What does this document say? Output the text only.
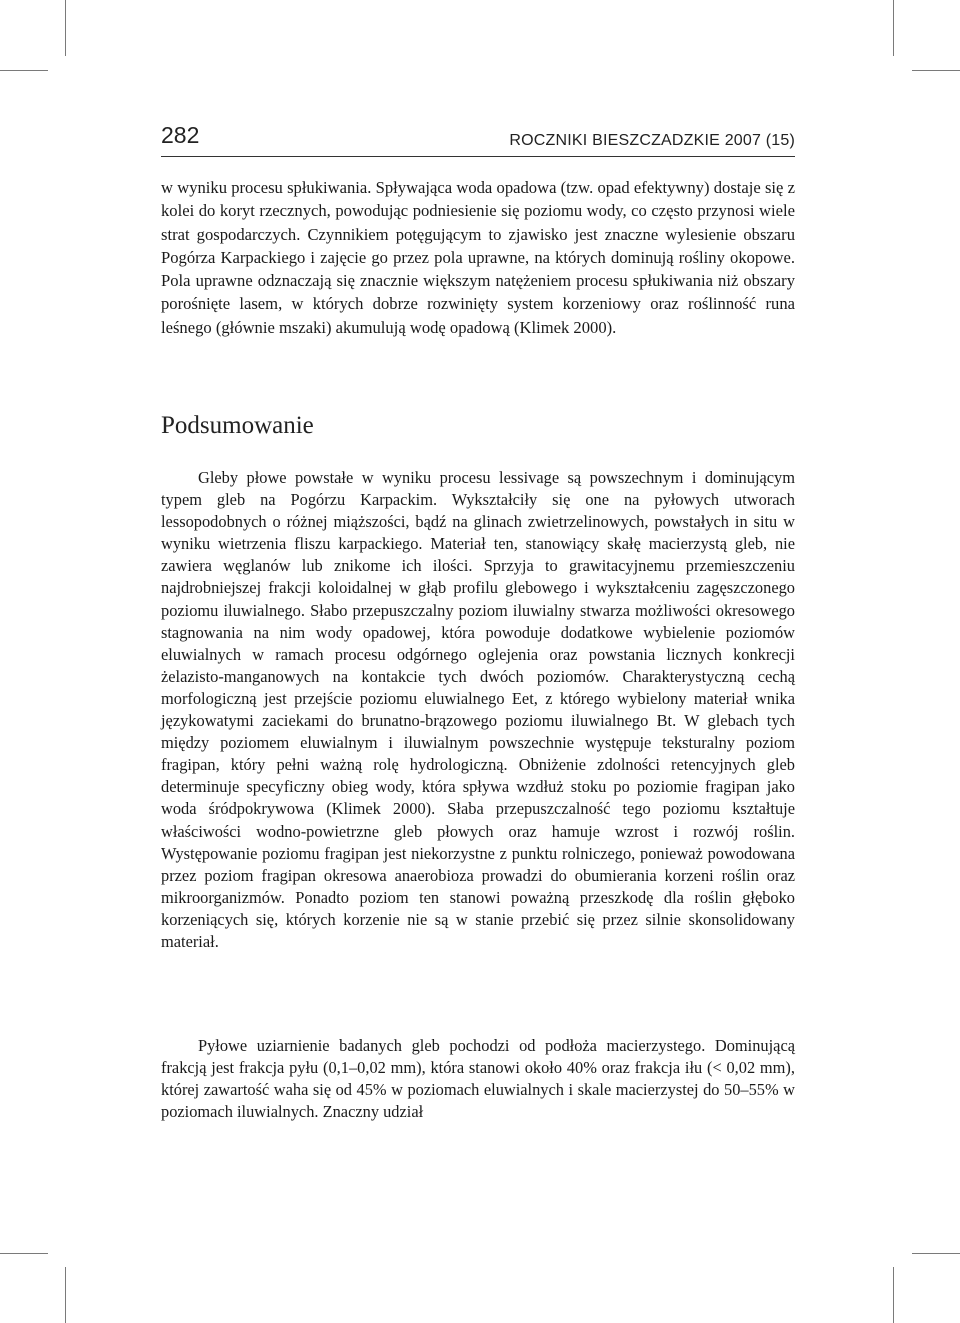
282	ROCZNIKI BIESZCZADZKIE 2007 (15)

w wyniku procesu spłukiwania. Spływająca woda opadowa (tzw. opad efektywny) dostaje się z kolei do koryt rzecznych, powodując podniesienie się poziomu wody, co często przynosi wiele strat gospodarczych. Czynnikiem potęgującym to zjawisko jest znaczne wylesienie obszaru Pogórza Karpackiego i zajęcie go przez pola uprawne, na których dominują rośliny okopowe. Pola uprawne odznaczają się znacznie większym natężeniem procesu spłukiwania niż obszary porośnięte lasem, w których dobrze rozwinięty system korzeniowy oraz roślinność runa leśnego (głównie mszaki) akumulują wodę opadową (Klimek 2000).

Podsumowanie

Gleby płowe powstałe w wyniku procesu lessivage są powszechnym i dominującym typem gleb na Pogórzu Karpackim. Wykształciły się one na pyłowych utworach lessopodobnych o różnej miąższości, bądź na glinach zwietrzelinowych, powstałych in situ w wyniku wietrzenia fliszu karpackiego. Materiał ten, stanowiący skałę macierzystą gleb, nie zawiera węglanów lub znikome ich ilości. Sprzyja to grawitacyjnemu przemieszczeniu najdrobniejszej frakcji koloidalnej w głąb profilu glebowego i wykształceniu zagęszczonego poziomu iluwialnego. Słabo przepuszczalny poziom iluwialny stwarza możliwości okresowego stagnowania na nim wody opadowej, która powoduje dodatkowe wybielenie poziomów eluwialnych w ramach procesu odgórnego oglejenia oraz powstania licznych konkrecji żelazisto-manganowych na kontakcie tych dwóch poziomów. Charakterystyczną cechą morfologiczną jest przejście poziomu eluwialnego Eet, z którego wybielony materiał wnika językowatymi zaciekami do brunatno-brązowego poziomu iluwialnego Bt. W glebach tych między poziomem eluwialnym i iluwialnym powszechnie występuje teksturalny poziom fragipan, który pełni ważną rolę hydrologiczną. Obniżenie zdolności retencyjnych gleb determinuje specyficzny obieg wody, która spływa wzdłuż stoku po poziomie fragipan jako woda śródpokrywowa (Klimek 2000). Słaba przepuszczalność tego poziomu kształtuje właściwości wodno-powietrzne gleb płowych oraz hamuje wzrost i rozwój roślin. Występowanie poziomu fragipan jest niekorzystne z punktu rolniczego, ponieważ powodowana przez poziom fragipan okresowa anaerobioza prowadzi do obumierania korzeni roślin oraz mikroorganizmów. Ponadto poziom ten stanowi poważną przeszkodę dla roślin głęboko korzeniących się, których korzenie nie są w stanie przebić się przez silnie skonsolidowany materiał.

Pyłowe uziarnienie badanych gleb pochodzi od podłoża macierzystego. Dominującą frakcją jest frakcja pyłu (0,1–0,02 mm), która stanowi około 40% oraz frakcja iłu (< 0,02 mm), której zawartość waha się od 45% w poziomach eluwialnych i skale macierzystej do 50–55% w poziomach iluwialnych. Znaczny udział
